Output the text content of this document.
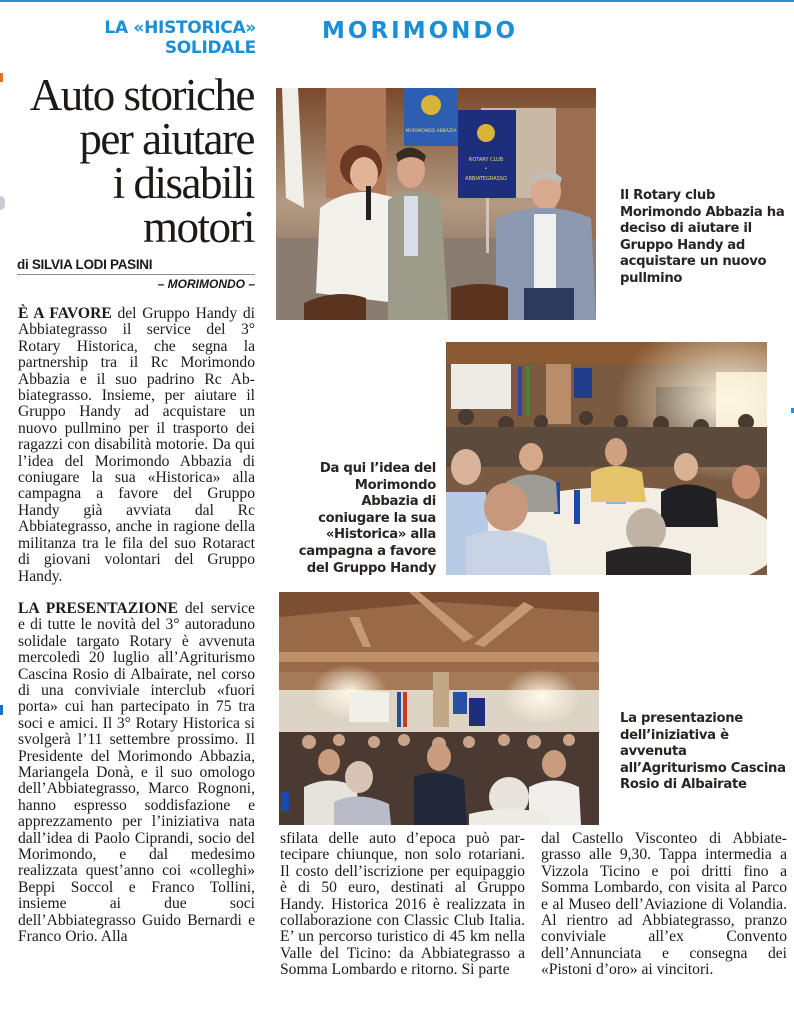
LA «HISTORICA»
SOLIDALE
MORIMONDO
Auto storiche
per aiutare
i disabili
motori
di SILVIA LODI PASINI
– MORIMONDO –

È A FAVORE del Gruppo Handy di Abbiategrasso il service del 3° Rotary Historica, che segna la partnership tra il Rc Morimondo Abbazia e il suo padrino Rc Abbiategrasso. Insieme, per aiutare il Gruppo Handy ad acquistare un nuovo pullmino per il trasporto dei ragazzi con disabilità motorie. Da qui l’idea del Morimondo Abbazia di coniugare la sua «Historica» alla campagna a favore del Gruppo Handy già avviata dal Rc Abbiategrasso, anche in ragione della militanza tra le fila del suo Rotaract di giovani volontari del Gruppo Handy.

LA PRESENTAZIONE del service e di tutte le novità del 3° autoraduno solidale targato Rotary è avvenuta mercoledì 20 luglio all’Agriturismo Cascina Rosio di Albairate, nel corso di una conviviale interclub «fuori porta» cui han partecipato in 75 tra soci e amici. Il 3° Rotary Historica si svolgerà l’11 settembre prossimo. Il Presidente del Morimondo Abbazia, Mariangela Donà, e il suo omologo dell’Abbiategrasso, Marco Rognoni, hanno espresso soddisfazione e apprezzamento per l’iniziativa nata dall’idea di Paolo Ciprandi, socio del Morimondo, e dal medesimo realizzata quest’anno coi «colleghi» Beppi Soccol e Franco Tollini, insieme ai due soci dell’Abbiategrasso Guido Bernardi e Franco Orio. Alla

sfilata delle auto d’epoca può partecipare chiunque, non solo rotariani. Il costo dell’iscrizione per equipaggio è di 50 euro, destinati al Gruppo Handy. Historica 2016 è realizzata in collaborazione con Classic Club Italia. E’ un percorso turistico di 45 km nella Valle del Ticino: da Abbiategrasso a Somma Lombardo e ritorno. Si parte

dal Castello Visconteo di Abbiategrasso alle 9,30. Tappa intermedia a Vizzola Ticino e poi dritti fino a Somma Lombardo, con visita al Parco e al Museo dell’Aviazione di Volandia. Al rientro ad Abbiategrasso, pranzo conviviale all’ex Convento dell’Annunciata e consegna dei «Pistoni d’oro» ai vincitori.

MORIMONDO ABBAZIA
ROTARY CLUB
•
ABBIATEGRASSO
Il Rotary club Morimondo Abbazia ha deciso di aiutare il Gruppo Handy ad acquistare un nuovo pullmino
Da qui l’idea del Morimondo Abbazia di coniugare la sua «Historica» alla campagna a favore del Gruppo Handy
La presentazione dell’iniziativa è avvenuta all’Agriturismo Cascina Rosio di Albairate
